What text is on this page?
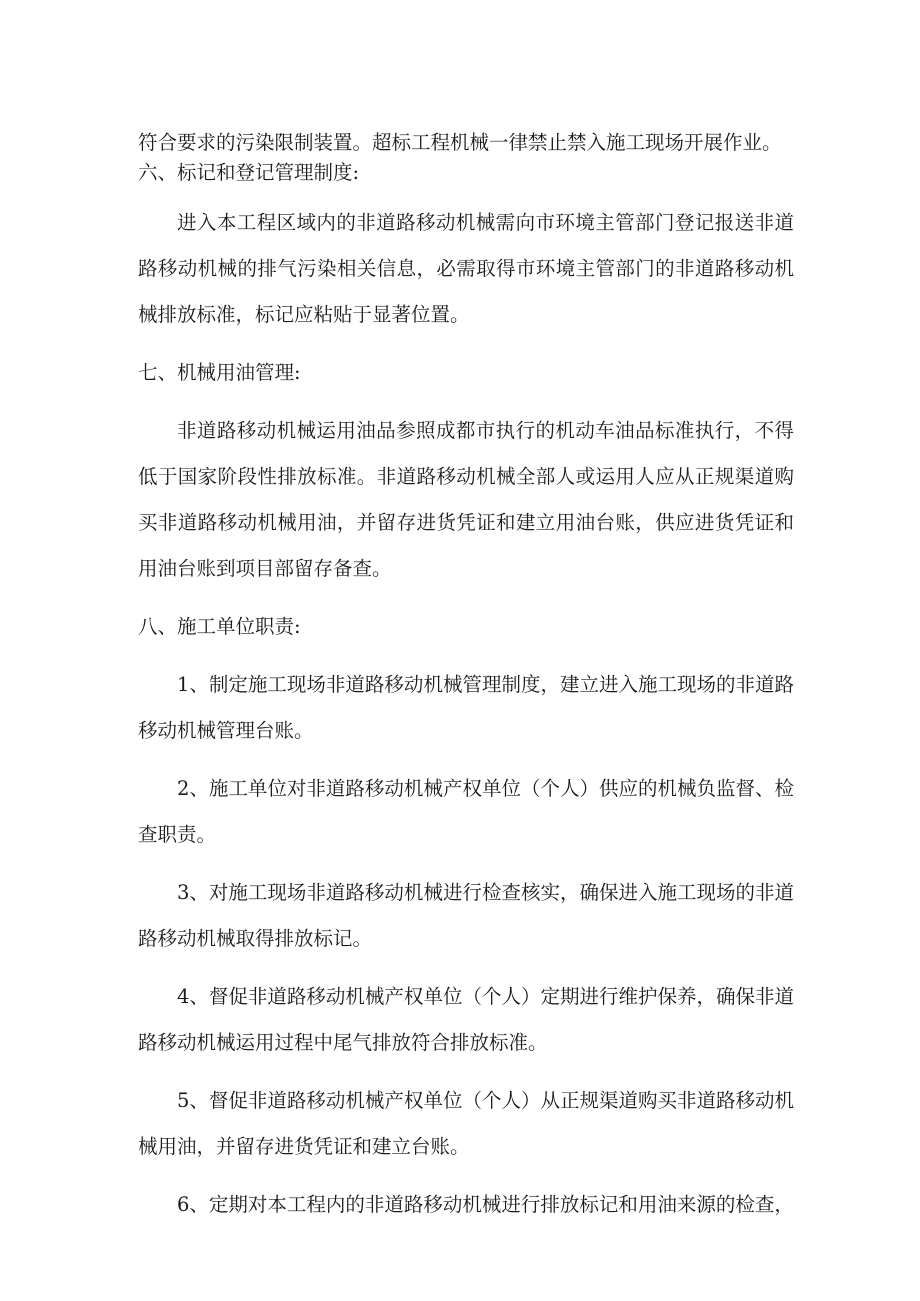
符合要求的污染限制装置。超标工程机械一律禁止禁入施工现场开展作业。

六、标记和登记管理制度:

进入本工程区域内的非道路移动机械需向市环境主管部门登记报送非道路移动机械的排气污染相关信息，必需取得市环境主管部门的非道路移动机械排放标准，标记应粘贴于显著位置。

七、机械用油管理:

非道路移动机械运用油品参照成都市执行的机动车油品标准执行，不得低于国家阶段性排放标准。非道路移动机械全部人或运用人应从正规渠道购买非道路移动机械用油，并留存进货凭证和建立用油台账，供应进货凭证和用油台账到项目部留存备查。

八、施工单位职责:

1、制定施工现场非道路移动机械管理制度，建立进入施工现场的非道路移动机械管理台账。

2、施工单位对非道路移动机械产权单位（个人）供应的机械负监督、检查职责。

3、对施工现场非道路移动机械进行检查核实，确保进入施工现场的非道路移动机械取得排放标记。

4、督促非道路移动机械产权单位（个人）定期进行维护保养，确保非道路移动机械运用过程中尾气排放符合排放标准。

5、督促非道路移动机械产权单位（个人）从正规渠道购买非道路移动机械用油，并留存进货凭证和建立台账。

6、定期对本工程内的非道路移动机械进行排放标记和用油来源的检查，
